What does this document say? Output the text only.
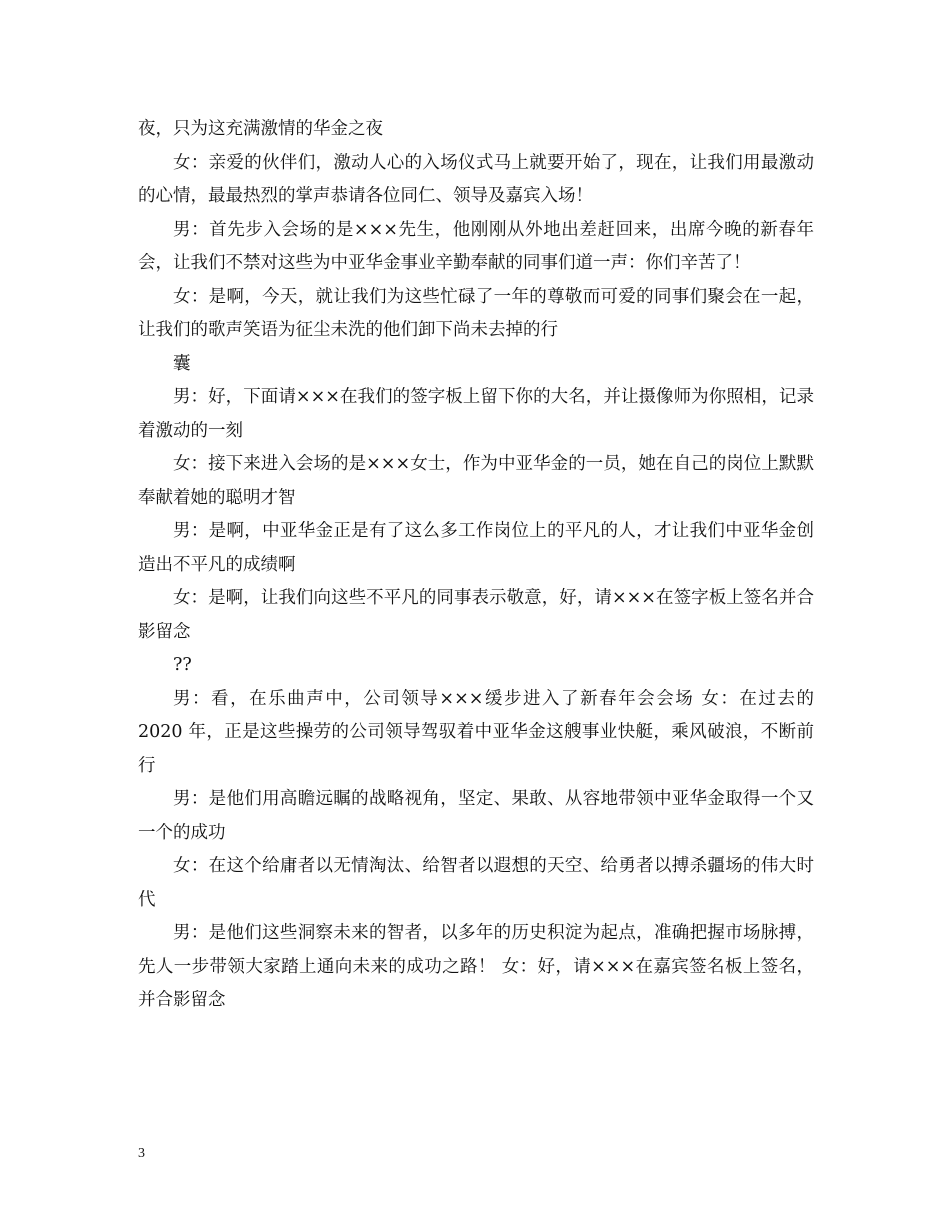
夜，只为这充满激情的华金之夜

女：亲爱的伙伴们，激动人心的入场仪式马上就要开始了，现在，让我们用最激动的心情，最最热烈的掌声恭请各位同仁、领导及嘉宾入场！

男：首先步入会场的是×××先生，他刚刚从外地出差赶回来，出席今晚的新春年会，让我们不禁对这些为中亚华金事业辛勤奉献的同事们道一声：你们辛苦了！

女：是啊，今天，就让我们为这些忙碌了一年的尊敬而可爱的同事们聚会在一起，让我们的歌声笑语为征尘未洗的他们卸下尚未去掉的行

囊

男：好，下面请×××在我们的签字板上留下你的大名，并让摄像师为你照相，记录着激动的一刻

女：接下来进入会场的是×××女士，作为中亚华金的一员，她在自己的岗位上默默奉献着她的聪明才智

男：是啊，中亚华金正是有了这么多工作岗位上的平凡的人，才让我们中亚华金创造出不平凡的成绩啊

女：是啊，让我们向这些不平凡的同事表示敬意，好，请×××在签字板上签名并合影留念

??

男：看，在乐曲声中，公司领导×××缓步进入了新春年会会场 女：在过去的 2020 年，正是这些操劳的公司领导驾驭着中亚华金这艘事业快艇，乘风破浪，不断前行

男：是他们用高瞻远瞩的战略视角，坚定、果敢、从容地带领中亚华金取得一个又一个的成功

女：在这个给庸者以无情淘汰、给智者以遐想的天空、给勇者以搏杀疆场的伟大时代

男：是他们这些洞察未来的智者，以多年的历史积淀为起点，准确把握市场脉搏，先人一步带领大家踏上通向未来的成功之路！ 女：好，请×××在嘉宾签名板上签名，并合影留念

3
